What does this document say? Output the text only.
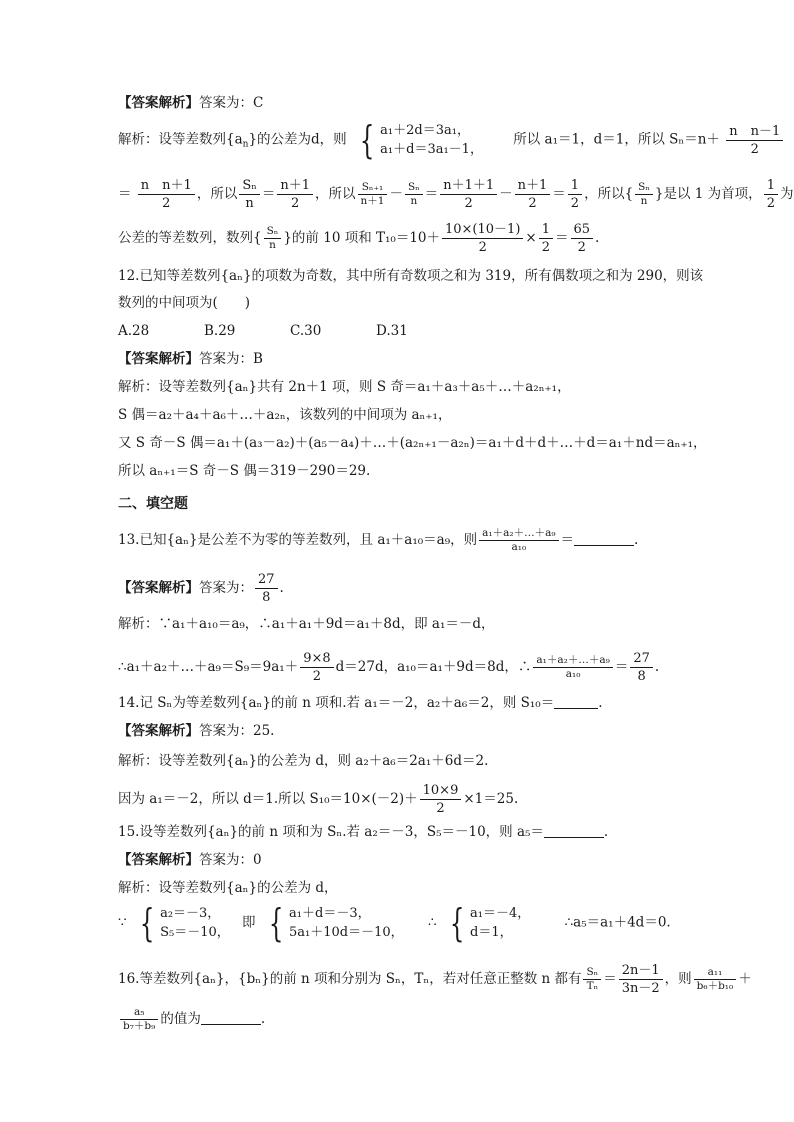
【答案解析】答案为：C
解析：设等差数列$\{a_n\}$的公差为d，则 { a₁＋2d＝3a₁，
a₁＋d＝3a₁－1，
所以 a₁＝1，d＝1，所以 $S_n=n+ \frac{\text{n　n－1}}{2}$
＝ $\frac{\text{n　n＋1}}{2}$ ，所以 $\frac{\text{Sₙ}}{n} = \frac{n+1}{2}$ ，所以 $\frac{\text{Sₙ₊₁}}{n+1} - \frac{\text{Sₙ}}{n} = \frac{n+1+1}{2} - \frac{n+1}{2} = \frac{1}{2}$ ，所以{ $\frac{\text{Sₙ}}{n}$ }是以 1 为首项， $\frac{1}{2}$ 为
公差的等差数列，数列{ $\frac{\text{Sₙ}}{n}$ }的前 10 项和 $T_{10}=10+ \frac{10\times(10-1)}{2} \times \frac{1}{2} = \frac{65}{2}$ .
12.已知等差数列{aₙ}的项数为奇数，其中所有奇数项之和为 319，所有偶数项之和为 290，则该
数列的中间项为(　　)
A.28	B.29	C.30	D.31
【答案解析】答案为：B
解析：设等差数列{aₙ}共有 2n＋1 项，则 S 奇＝a₁＋a₃＋a₅＋…＋a₂ₙ₊₁，
S 偶＝a₂＋a₄＋a₆＋…＋a₂ₙ，该数列的中间项为 aₙ₊₁，
又 S 奇－S 偶＝a₁＋(a₃－a₂)＋(a₅－a₄)＋…＋(a₂ₙ₊₁－a₂ₙ)＝a₁＋d＋d＋…＋d＝a₁＋nd＝aₙ₊₁，
所以 aₙ₊₁＝S 奇－S 偶＝319－290＝29.
二、填空题
13.已知{aₙ}是公差不为零的等差数列，且 a₁＋a₁₀＝a₉，则 $\frac{\text{a₁＋a₂＋…＋a₉}}{\text{a₁₀}}$ ＝	.
【答案解析】答案为： $\frac{27}{8}$ .
解析：∵a₁＋a₁₀＝a₉，∴a₁＋a₁＋9d＝a₁＋8d，即 a₁＝－d，
∴a₁＋a₂＋…＋a₉＝S₉＝9a₁＋ $\frac{9\times 8}{2} d=27d$，a₁₀＝a₁＋9d＝8d，∴ $\frac{\text{a₁＋a₂＋…＋a₉}}{\text{a₁₀}} = \frac{27}{8}$ .
14.记 Sₙ为等差数列{aₙ}的前 n 项和.若 a₁＝－2，a₂＋a₆＝2，则 S₁₀＝	.
【答案解析】答案为：25.
解析：设等差数列{aₙ}的公差为 d，则 a₂＋a₆＝2a₁＋6d＝2.
因为 a₁＝－2，所以 d＝1.所以 $S_{10}=10\times(-2)+ \frac{10\times 9}{2} \times 1=25$.
15.设等差数列{aₙ}的前 n 项和为 Sₙ.若 a₂＝－3，S₅＝－10，则 a₅＝	.
【答案解析】答案为：0
解析：设等差数列{aₙ}的公差为 d，
∵ { a₂＝－3，
S₅＝－10，
即 { a₁＋d＝－3，
5a₁＋10d＝－10，
∴ { a₁＝－4，
d＝1，
∴a₅＝a₁＋4d＝0.
16.等差数列{aₙ}，{bₙ}的前 n 项和分别为 Sₙ，Tₙ，若对任意正整数 n 都有 $\frac{\text{Sₙ}}{\text{Tₙ}} = \frac{2n-1}{3n-2}$ ，则 $\frac{\text{a₁₁}}{\text{b₆＋b₁₀}}$ ＋
$\frac{\text{a₅}}{\text{b₇＋b₉}}$ 的值为	.
